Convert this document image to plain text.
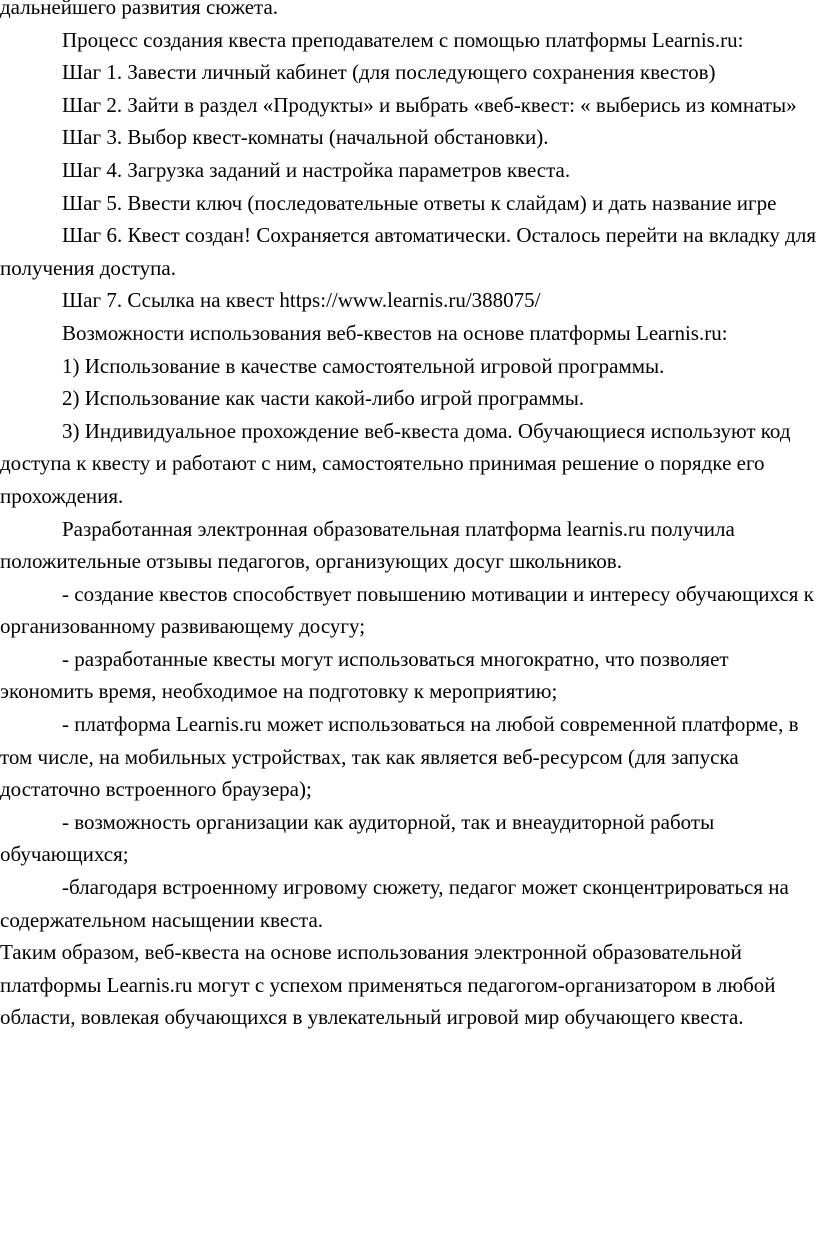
дальнейшего развития сюжета.

Процесс создания квеста преподавателем с помощью платформы Learnis.ru:

Шаг 1. Завести личный кабинет (для последующего сохранения квестов)

Шаг 2. Зайти в раздел «Продукты» и выбрать «веб-квест: « выберись из комнаты»

Шаг 3. Выбор квест-комнаты (начальной обстановки).

Шаг 4. Загрузка заданий и настройка параметров квеста.

Шаг 5. Ввести ключ (последовательные ответы к слайдам) и дать название игре

Шаг 6. Квест создан! Сохраняется автоматически. Осталось перейти на вкладку для получения доступа.

Шаг 7. Ссылка на квест https://www.learnis.ru/388075/

Возможности использования веб-квестов на основе платформы Learnis.ru:

1) Использование в качестве самостоятельной игровой программы.

2) Использование как части какой-либо игрой программы.

3) Индивидуальное прохождение веб-квеста дома. Обучающиеся используют код доступа к квесту и работают с ним, самостоятельно принимая решение о порядке его прохождения.

Разработанная электронная образовательная платформа learnis.ru получила положительные отзывы педагогов, организующих досуг школьников.

- создание квестов способствует повышению мотивации и интересу обучающихся к организованному развивающему досугу;

- разработанные квесты могут использоваться многократно, что позволяет экономить время, необходимое на подготовку к мероприятию;

- платформа Learnis.ru может использоваться на любой современной платформе, в том числе, на мобильных устройствах, так как является веб-ресурсом (для запуска достаточно встроенного браузера);

- возможность организации как аудиторной, так и внеаудиторной работы обучающихся;

-благодаря встроенному игровому сюжету, педагог может сконцентрироваться на содержательном насыщении квеста.

Таким образом, веб-квеста на основе использования электронной образовательной платформы Learnis.ru могут с успехом применяться педагогом-организатором в любой области, вовлекая обучающихся в увлекательный игровой мир обучающего квеста.
